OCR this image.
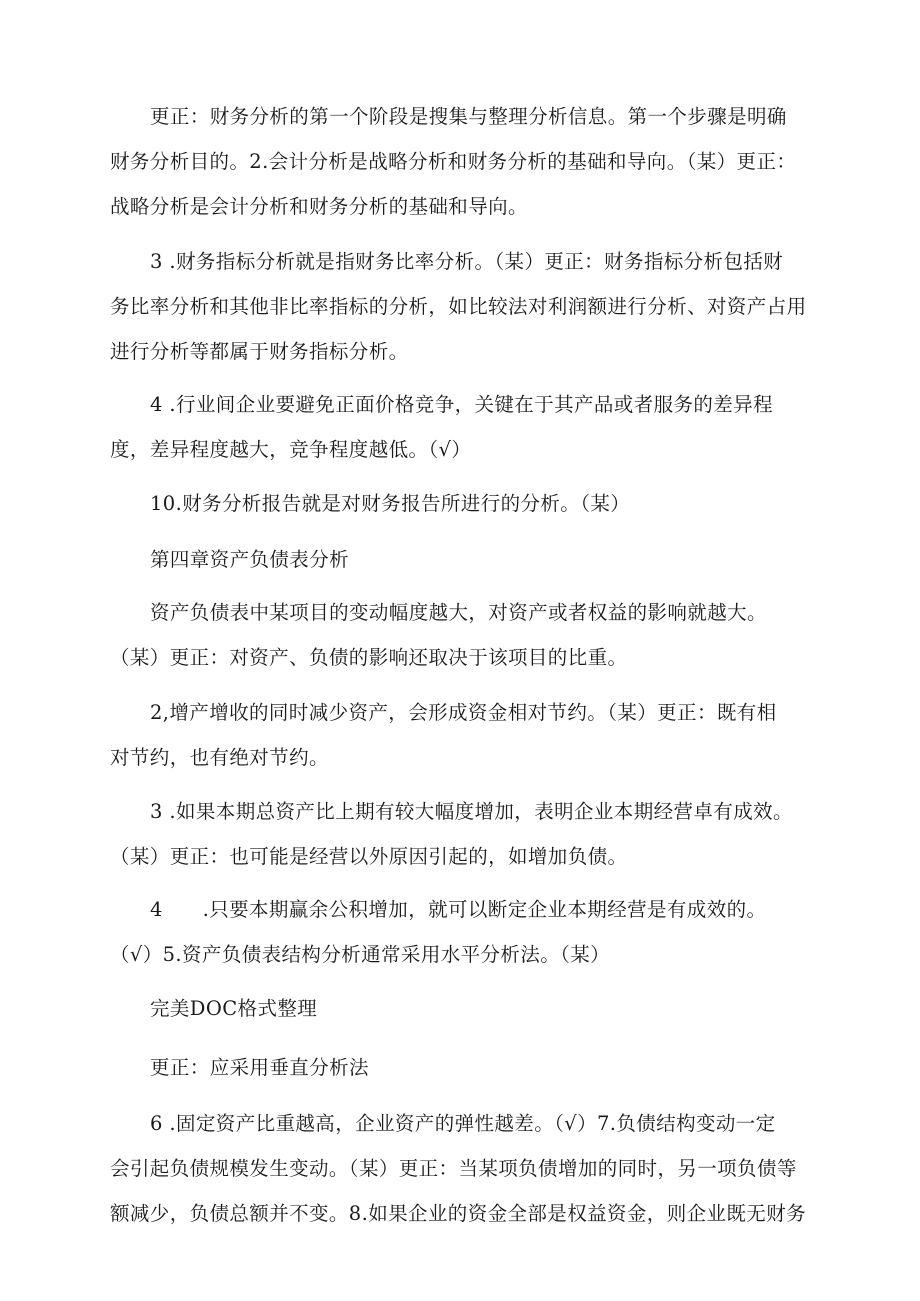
更正：财务分析的第一个阶段是搜集与整理分析信息。第一个步骤是明确
财务分析目的。2.会计分析是战略分析和财务分析的基础和导向。（某）更正：
战略分析是会计分析和财务分析的基础和导向。
3 .财务指标分析就是指财务比率分析。（某）更正：财务指标分析包括财
务比率分析和其他非比率指标的分析，如比较法对利润额进行分析、对资产占用
进行分析等都属于财务指标分析。
4 .行业间企业要避免正面价格竞争，关键在于其产品或者服务的差异程
度，差异程度越大，竞争程度越低。（√）
10.财务分析报告就是对财务报告所进行的分析。（某）
第四章资产负债表分析
资产负债表中某项目的变动幅度越大，对资产或者权益的影响就越大。
（某）更正：对资产、负债的影响还取决于该项目的比重。
2,增产增收的同时减少资产，会形成资金相对节约。（某）更正：既有相
对节约，也有绝对节约。
3 .如果本期总资产比上期有较大幅度增加，表明企业本期经营卓有成效。
（某）更正：也可能是经营以外原因引起的，如增加负债。
4　　.只要本期赢余公积增加，就可以断定企业本期经营是有成效的。
（√）5.资产负债表结构分析通常采用水平分析法。（某）
完美DOC格式整理
更正：应采用垂直分析法
6 .固定资产比重越高，企业资产的弹性越差。（√）7.负债结构变动一定
会引起负债规模发生变动。（某）更正：当某项负债增加的同时，另一项负债等
额减少，负债总额并不变。8.如果企业的资金全部是权益资金，则企业既无财务
